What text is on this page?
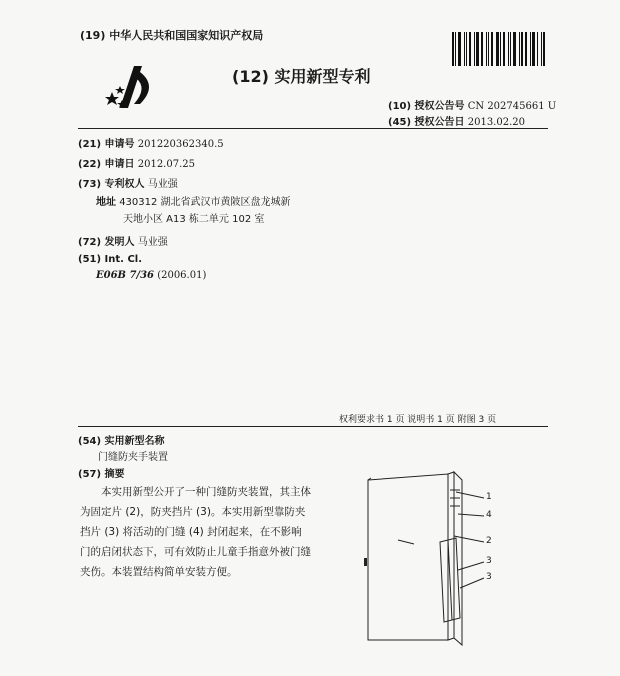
(19) 中华人民共和国国家知识产权局
(12) 实用新型专利
(10) 授权公告号 CN 202745661 U
(45) 授权公告日 2013.02.20
(21) 申请号 201220362340.5
(22) 申请日 2012.07.25
(73) 专利权人 马业强
地址 430312 湖北省武汉市黄陂区盘龙城新
天地小区 A13 栋二单元 102 室
(72) 发明人 马业强
(51) Int. Cl.
E06B 7/36 (2006.01)
权利要求书 1 页 说明书 1 页 附图 3 页
(54) 实用新型名称
门缝防夹手装置
(57) 摘要
本实用新型公开了一种门缝防夹装置，其主体为固定片 (2)，防夹挡片 (3)。本实用新型靠防夹挡片 (3) 将活动的门缝 (4) 封闭起来，在不影响门的启闭状态下，可有效防止儿童手指意外被门缝夹伤。本装置结构简单安装方便。
1
4
2
3
3
